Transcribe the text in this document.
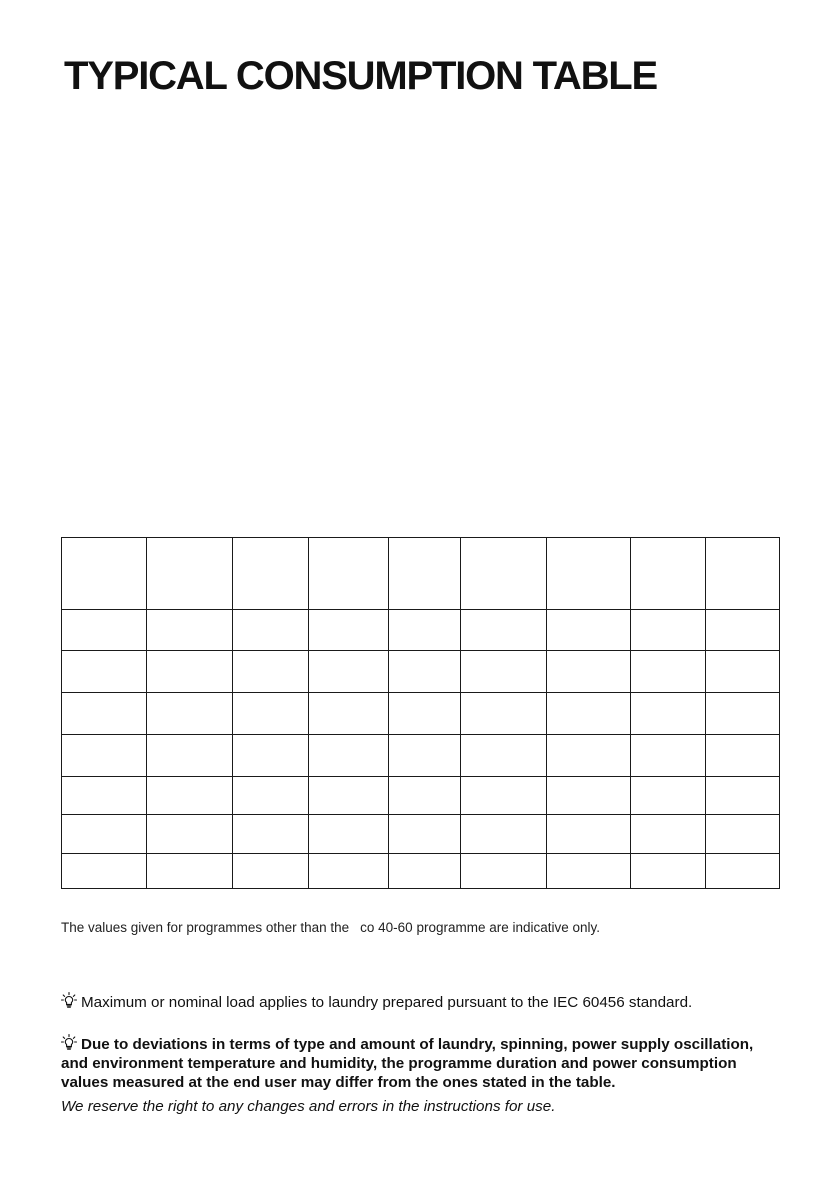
TYPICAL CONSUMPTION TABLE

The values given for programmes other than the co 40-60 programme are indicative only.

Maximum or nominal load applies to laundry prepared pursuant to the IEC 60456 standard.

Due to deviations in terms of type and amount of laundry, spinning, power supply oscillation, and environment temperature and humidity, the programme duration and power consumption values measured at the end user may differ from the ones stated in the table.

We reserve the right to any changes and errors in the instructions for use.
